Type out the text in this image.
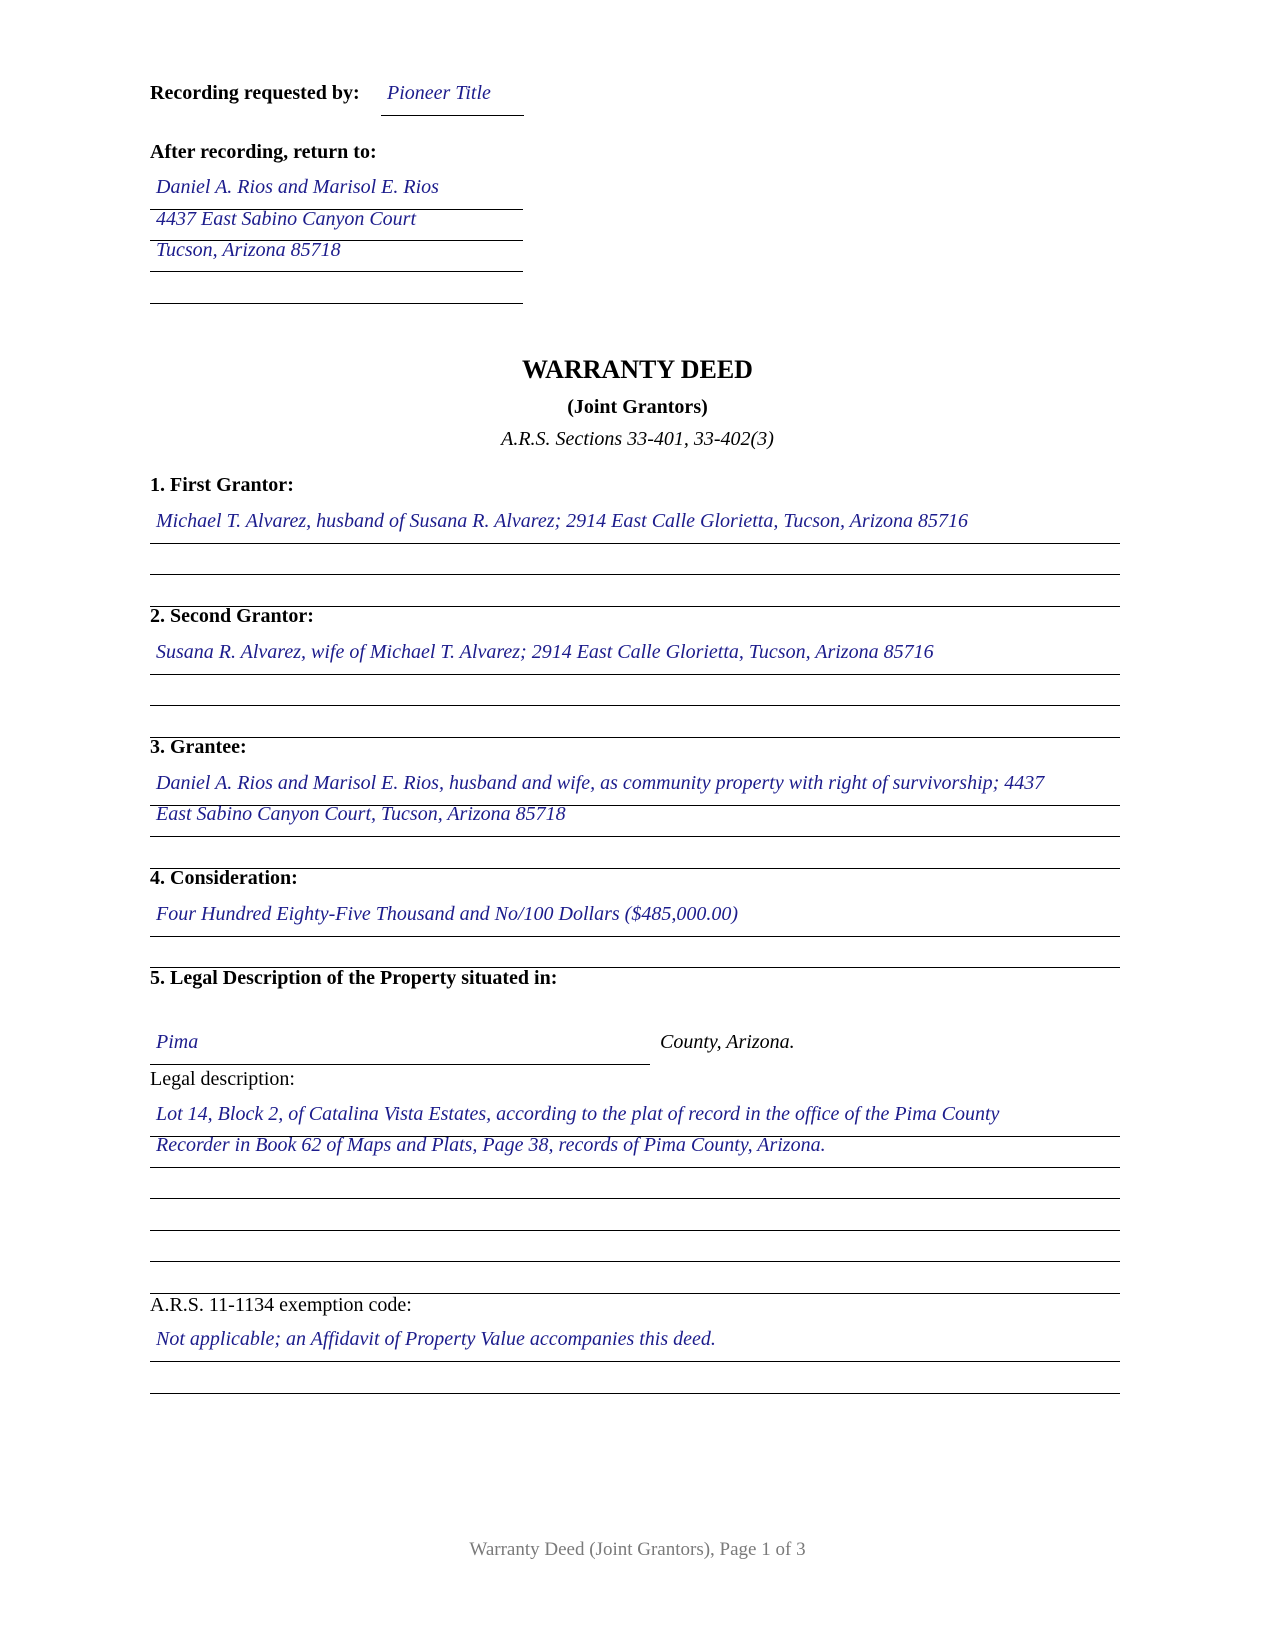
Recording requested by: Pioneer Title
After recording, return to:
Daniel A. Rios and Marisol E. Rios
4437 East Sabino Canyon Court
Tucson, Arizona 85718
WARRANTY DEED
(Joint Grantors)
A.R.S. Sections 33-401, 33-402(3)
1. First Grantor:
Michael T. Alvarez, husband of Susana R. Alvarez; 2914 East Calle Glorietta, Tucson, Arizona 85716
2. Second Grantor:
Susana R. Alvarez, wife of Michael T. Alvarez; 2914 East Calle Glorietta, Tucson, Arizona 85716
3. Grantee:
Daniel A. Rios and Marisol E. Rios, husband and wife, as community property with right of survivorship; 4437
East Sabino Canyon Court, Tucson, Arizona 85718
4. Consideration:
Four Hundred Eighty-Five Thousand and No/100 Dollars ($485,000.00)
5. Legal Description of the Property situated in:
Pima	County, Arizona.
Legal description:
Lot 14, Block 2, of Catalina Vista Estates, according to the plat of record in the office of the Pima County
Recorder in Book 62 of Maps and Plats, Page 38, records of Pima County, Arizona.
A.R.S. 11-1134 exemption code:
Not applicable; an Affidavit of Property Value accompanies this deed.
Warranty Deed (Joint Grantors), Page 1 of 3
